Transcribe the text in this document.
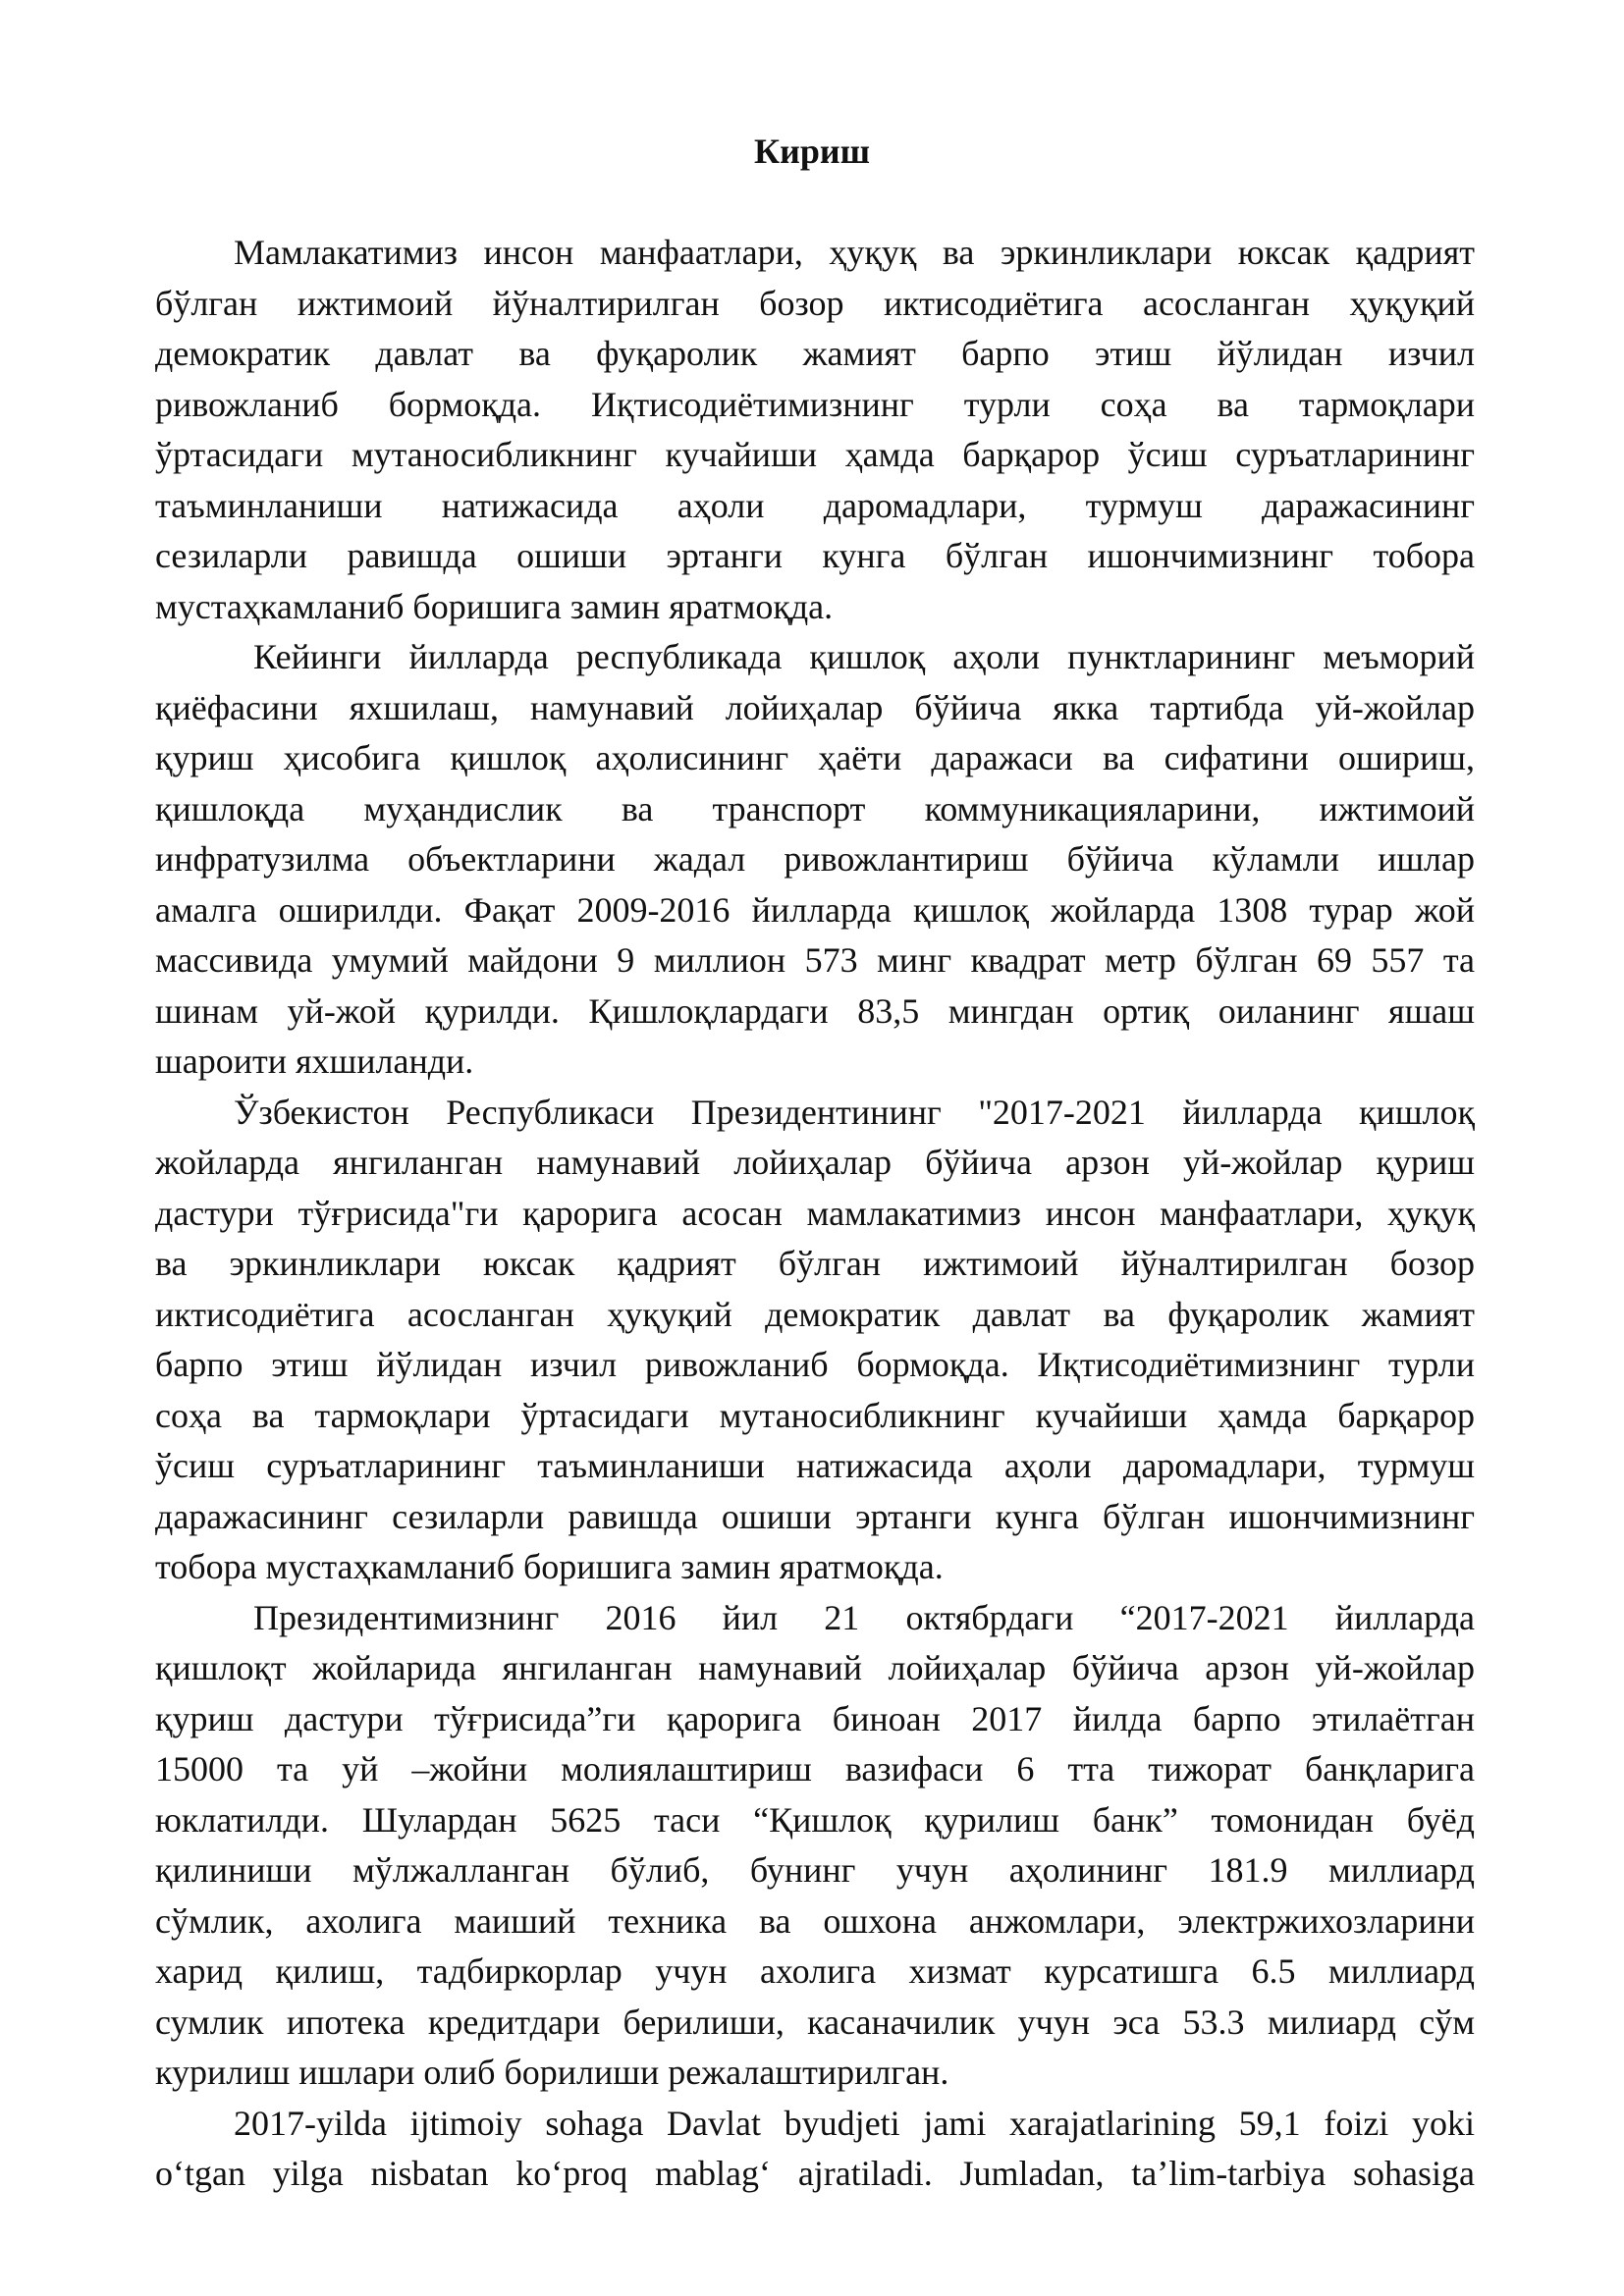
Кириш
Мамлакатимиз инсон манфаатлари, ҳуқуқ ва эркинликлари юксак қадрият
бўлган ижтимоий йўналтирилган бозор иктисодиётига асосланган ҳуқуқий
демократик давлат ва фуқаролик жамият барпо этиш йўлидан изчил
ривожланиб бормоқда. Иқтисодиётимизнинг турли соҳа ва тармоқлари
ўртасидаги мутаносибликнинг кучайиши ҳамда барқарор ўсиш суръатларининг
таъминланиши натижасида аҳоли даромадлари, турмуш даражасининг
сезиларли равишда ошиши эртанги кунга бўлган ишончимизнинг тобора
мустаҳкамланиб боришига замин яратмоқда.
Кейинги йилларда республикада қишлоқ аҳоли пунктларининг меъморий
қиёфасини яхшилаш, намунавий лойиҳалар бўйича якка тартибда уй-жойлар
қуриш ҳисобига қишлоқ аҳолисининг ҳаёти даражаси ва сифатини ошириш,
қишлоқда муҳандислик ва транспорт коммуникацияларини, ижтимоий
инфратузилма объектларини жадал ривожлантириш бўйича кўламли ишлар
амалга оширилди. Фақат 2009-2016 йилларда қишлоқ жойларда 1308 турар жой
массивида умумий майдони 9 миллион 573 минг квадрат метр бўлган 69 557 та
шинам уй-жой қурилди. Қишлоқлардаги 83,5 мингдан ортиқ оиланинг яшаш
шароити яхшиланди.
Ўзбекистон Республикаси Президентининг "2017-2021 йилларда қишлоқ
жойларда янгиланган намунавий лойиҳалар бўйича арзон уй-жойлар қуриш
дастури тўғрисида"ги қарорига асосан мамлакатимиз инсон манфаатлари, ҳуқуқ
ва эркинликлари юксак қадрият бўлган ижтимоий йўналтирилган бозор
иктисодиётига асосланган ҳуқуқий демократик давлат ва фуқаролик жамият
барпо этиш йўлидан изчил ривожланиб бормоқда. Иқтисодиётимизнинг турли
соҳа ва тармоқлари ўртасидаги мутаносибликнинг кучайиши ҳамда барқарор
ўсиш суръатларининг таъминланиши натижасида аҳоли даромадлари, турмуш
даражасининг сезиларли равишда ошиши эртанги кунга бўлган ишончимизнинг
тобора мустаҳкамланиб боришига замин яратмоқда.
Президентимизнинг 2016 йил 21 октябрдаги “2017-2021 йилларда
қишлоқт жойларида янгиланган намунавий лойиҳалар бўйича арзон уй-жойлар
қуриш дастури тўғрисида”ги қарорига биноан 2017 йилда барпо этилаётган
15000 та уй –жойни молиялаштириш вазифаси 6 тта тижорат банқларига
юклатилди. Шулардан 5625 таси “Қишлоқ қурилиш банк” томонидан буёд
қилиниши мўлжалланган бўлиб, бунинг учун аҳолининг 181.9 миллиард
сўмлик, ахолига маиший техника ва ошхона анжомлари, электржихозларини
харид қилиш, тадбиркорлар учун ахолига хизмат курсатишга 6.5 миллиард
сумлик ипотека кредитдари берилиши, касаначилик учун эса 53.3 милиард сўм
курилиш ишлари олиб борилиши режалаштирилган.
2017-yilda ijtimoiy sohaga Davlat byudjeti jami xarajatlarining 59,1 foizi yoki
oʻtgan yilga nisbatan koʻproq mablagʻ ajratiladi. Jumladan, taʼlim-tarbiya sohasiga
